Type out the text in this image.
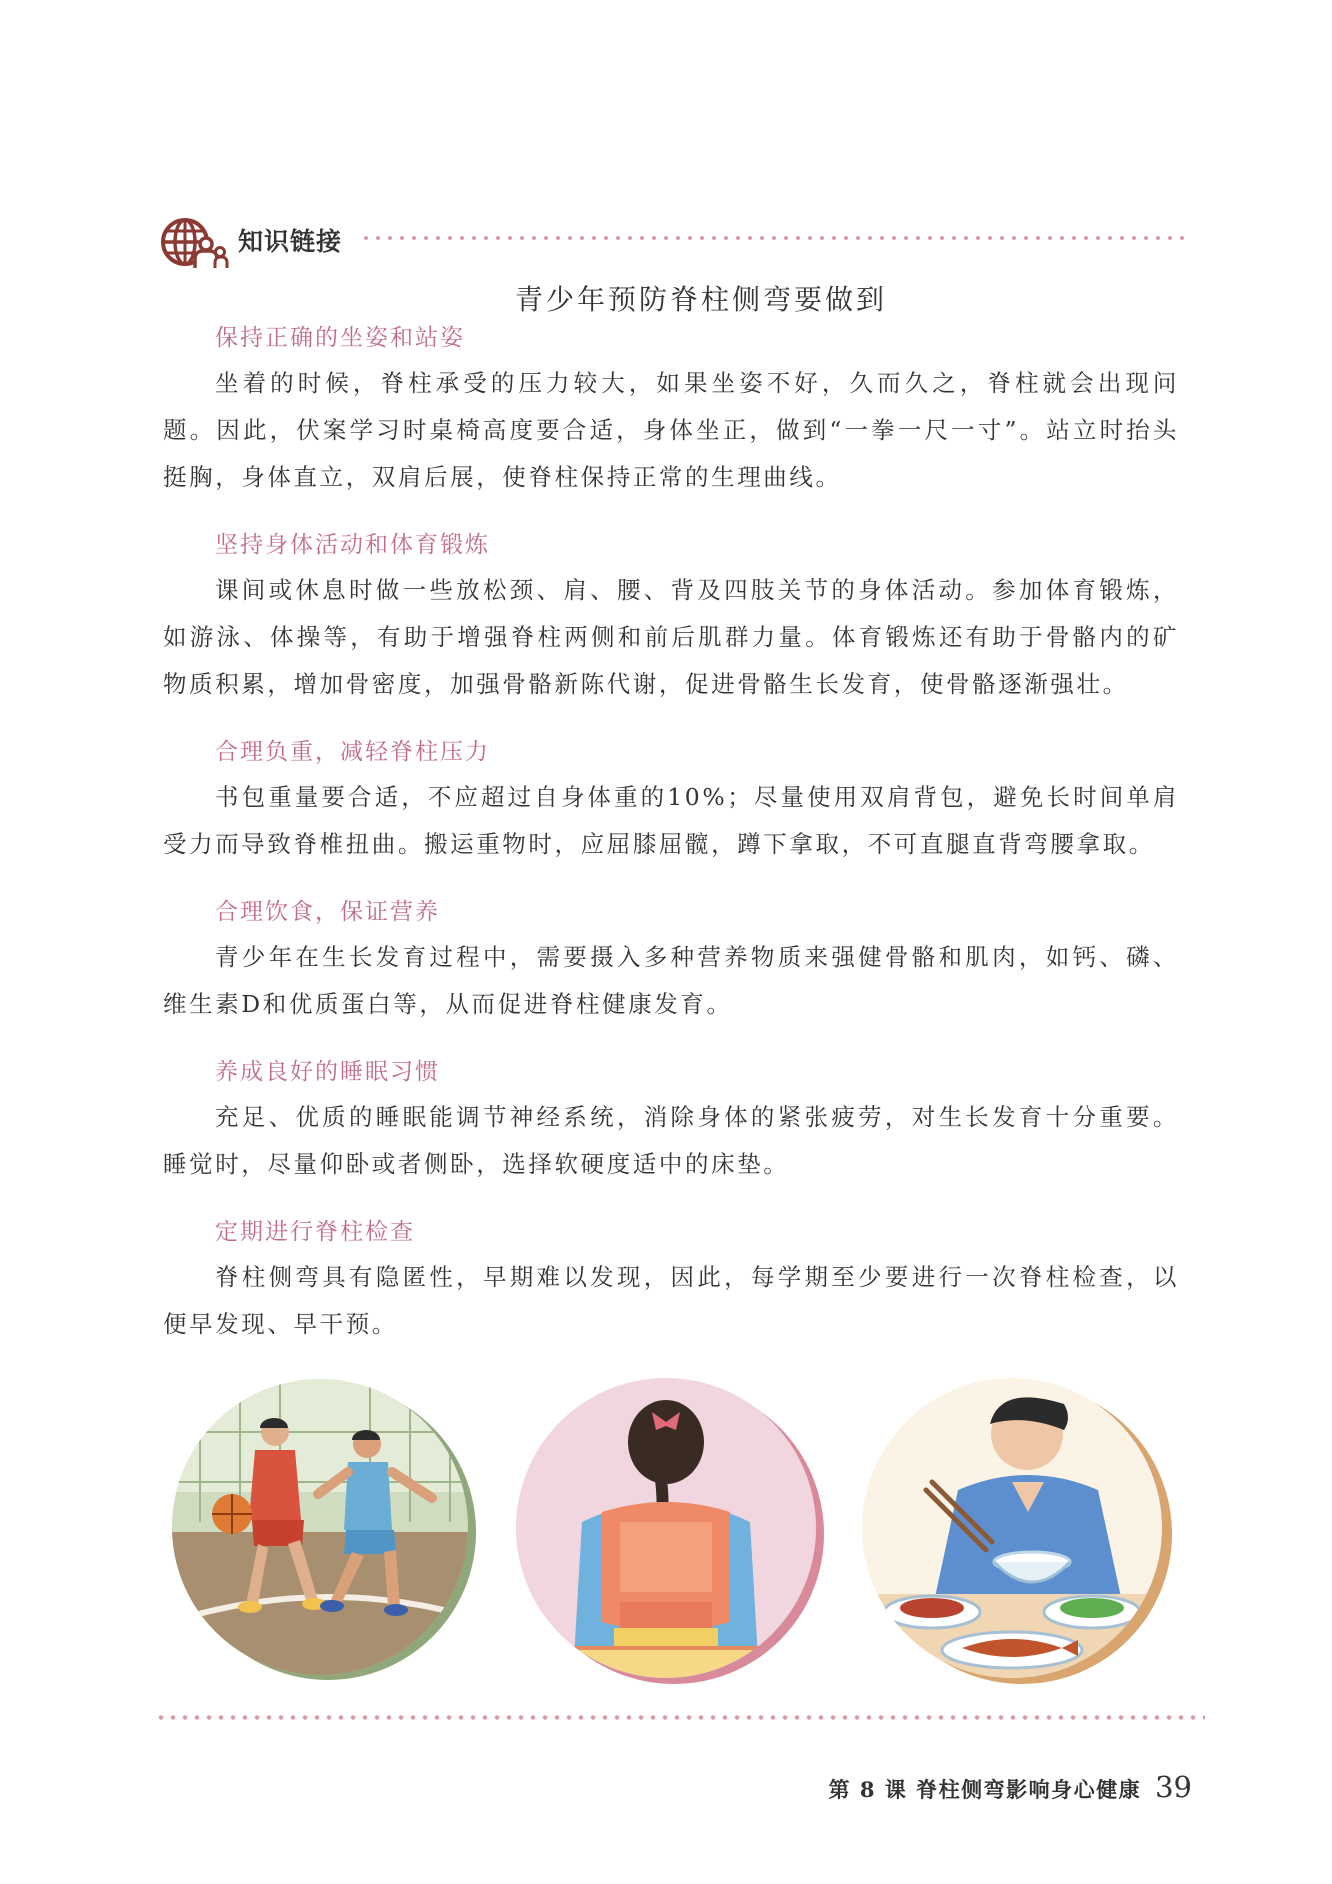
知识链接
青少年预防脊柱侧弯要做到
保持正确的坐姿和站姿

坐着的时候，脊柱承受的压力较大，如果坐姿不好，久而久之，脊柱就会出现问题。因此，伏案学习时桌椅高度要合适，身体坐正，做到“一拳一尺一寸”。站立时抬头挺胸，身体直立，双肩后展，使脊柱保持正常的生理曲线。

坚持身体活动和体育锻炼

课间或休息时做一些放松颈、肩、腰、背及四肢关节的身体活动。参加体育锻炼，如游泳、体操等，有助于增强脊柱两侧和前后肌群力量。体育锻炼还有助于骨骼内的矿物质积累，增加骨密度，加强骨骼新陈代谢，促进骨骼生长发育，使骨骼逐渐强壮。

合理负重，减轻脊柱压力

书包重量要合适，不应超过自身体重的10%；尽量使用双肩背包，避免长时间单肩受力而导致脊椎扭曲。搬运重物时，应屈膝屈髋，蹲下拿取，不可直腿直背弯腰拿取。

合理饮食，保证营养

青少年在生长发育过程中，需要摄入多种营养物质来强健骨骼和肌肉，如钙、磷、维生素D和优质蛋白等，从而促进脊柱健康发育。

养成良好的睡眠习惯

充足、优质的睡眠能调节神经系统，消除身体的紧张疲劳，对生长发育十分重要。睡觉时，尽量仰卧或者侧卧，选择软硬度适中的床垫。

定期进行脊柱检查

脊柱侧弯具有隐匿性，早期难以发现，因此，每学期至少要进行一次脊柱检查，以便早发现、早干预。

第 8 课 脊柱侧弯影响身心健康 39
